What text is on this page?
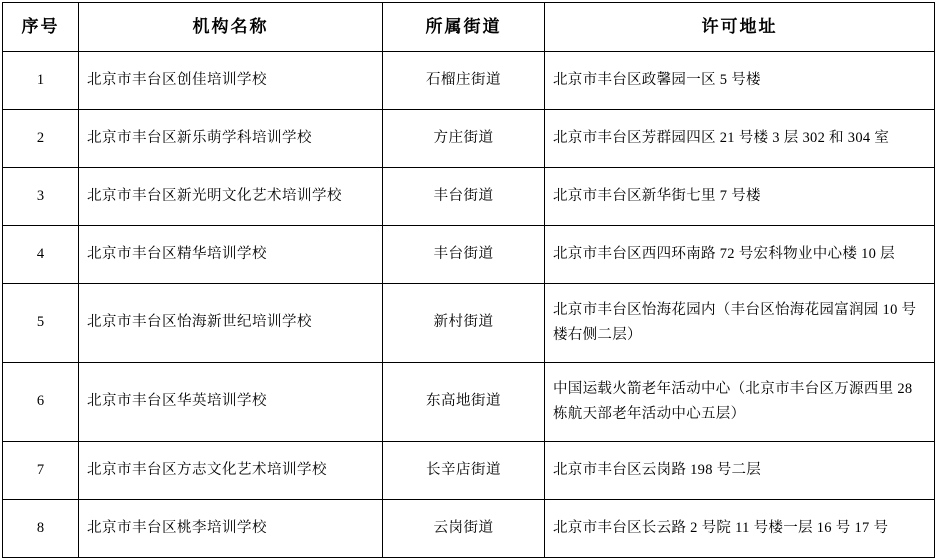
序号	机构名称	所属街道	许可地址
1	北京市丰台区创佳培训学校	石榴庄街道	北京市丰台区政馨园一区 5 号楼
2	北京市丰台区新乐萌学科培训学校	方庄街道	北京市丰台区芳群园四区 21 号楼 3 层 302 和 304 室
3	北京市丰台区新光明文化艺术培训学校	丰台街道	北京市丰台区新华街七里 7 号楼
4	北京市丰台区精华培训学校	丰台街道	北京市丰台区西四环南路 72 号宏科物业中心楼 10 层
5	北京市丰台区怡海新世纪培训学校	新村街道	北京市丰台区怡海花园内（丰台区怡海花园富润园 10 号楼右侧二层）
6	北京市丰台区华英培训学校	东高地街道	中国运载火箭老年活动中心（北京市丰台区万源西里 28 栋航天部老年活动中心五层）
7	北京市丰台区方志文化艺术培训学校	长辛店街道	北京市丰台区云岗路 198 号二层
8	北京市丰台区桃李培训学校	云岗街道	北京市丰台区长云路 2 号院 11 号楼一层 16 号 17 号
